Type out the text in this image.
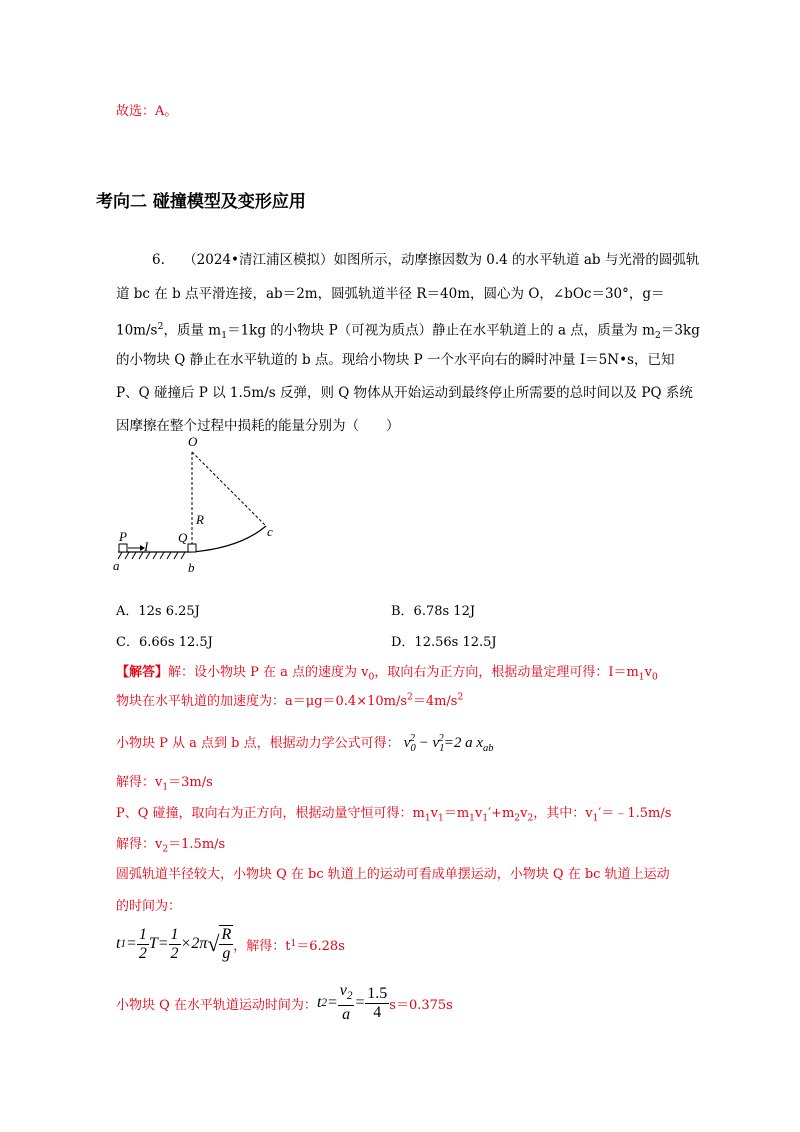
故选：A。
考向二 碰撞模型及变形应用
6. （2024•清江浦区模拟）如图所示，动摩擦因数为 0.4 的水平轨道 ab 与光滑的圆弧轨
道 bc 在 b 点平滑连接，ab＝2m，圆弧轨道半径 R＝40m，圆心为 O，∠bOc＝30°，g＝
$10m/s^2$，质量 $m_1=1kg$ 的小物块 P（可视为质点）静止在水平轨道上的 a 点，质量为 $m_2=3kg$
的小物块 Q 静止在水平轨道的 b 点。现给小物块 P 一个水平向右的瞬时冲量 I＝5N•s，已知
P、Q 碰撞后 P 以 1.5m/s 反弹，则 Q 物体从开始运动到最终停止所需要的总时间以及 PQ 系统
因摩擦在整个过程中损耗的能量分别为（　　）
O
R
c
P
I
Q
a	b
A．12s 6.25J	B．6.78s 12J
C．6.66s 12.5J	D．12.56s 12.5J
【解答】解：设小物块 P 在 a 点的速度为 $v_0$，取向右为正方向，根据动量定理可得：$I=m_1v_0$
物块在水平轨道的加速度为：$a=\mu g=0.4\times 10m/s^2=4m/s^2$
小物块 P 从 a 点到 b 点，根据动力学公式可得： $v_0^2 - v_1^2=2$ a $x_{ab}$
解得：$v_1=3m/s$
P、Q 碰撞，取向右为正方向，根据动量守恒可得：$m_1v_1=m_1v_1'+m_2v_2$，其中：$v_1'=﹣1.5m/s$
解得：$v_2=1.5m/s$
圆弧轨道半径较大，小物块 Q 在 bc 轨道上的运动可看成单摆运动，小物块 Q 在 bc 轨道上运动
的时间为：
t $1 = \frac{1}{2} T= \frac{1}{2} \times 2\pi$ √ $\frac{R}{g}$ ，解得：t 1 ＝6.28s
小物块 Q 在水平轨道运动时间为： t $2 = \frac{v_2}{a} = \frac{1.5}{4} s=0.375s$
